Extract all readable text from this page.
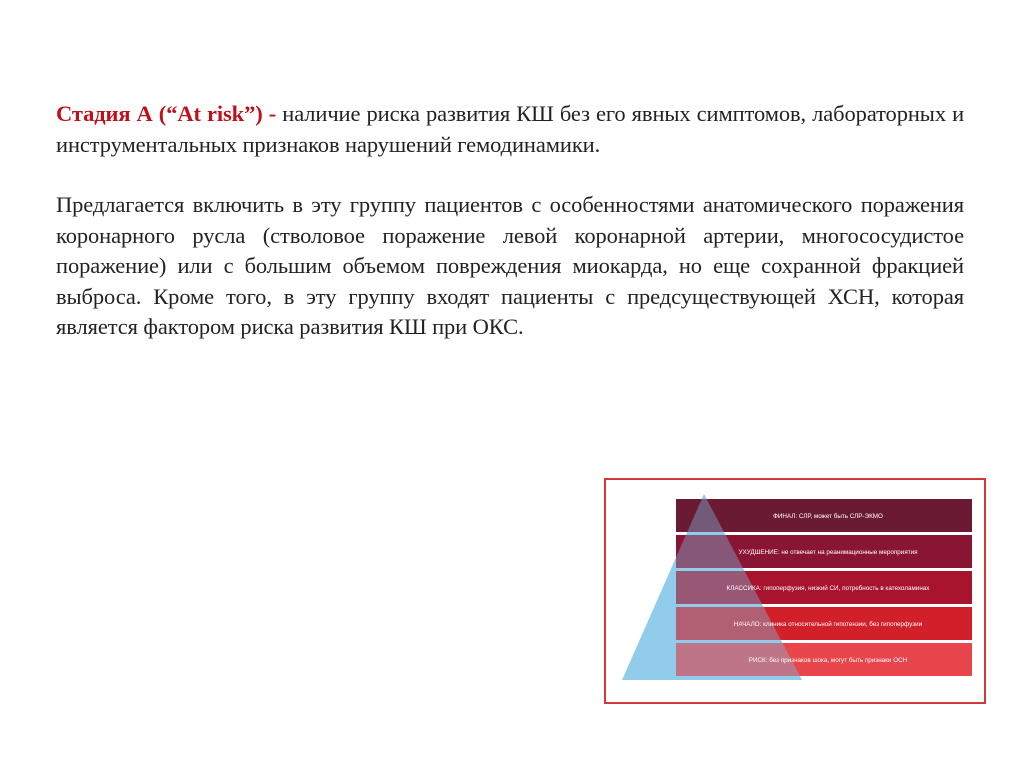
Стадия А (“At risk”) - наличие риска развития КШ без его явных симптомов, лабораторных и инструментальных признаков нарушений гемодинамики.

Предлагается включить в эту группу пациентов с особенностями анатомического поражения коронарного русла (стволовое поражение левой коронарной артерии, многососудистое поражение) или с большим объемом повреждения миокарда, но еще сохранной фракцией выброса. Кроме того, в эту группу входят пациенты с предсуществующей ХСН, которая является фактором риска развития КШ при ОКС.

ФИНАЛ: СЛР, может быть СЛР-ЭКМО
УХУДШЕНИЕ: не отвечает на реанимационные мероприятия
КЛАССИКА: гипоперфузия, низкий СИ, потребность в катехоламинах
НАЧАЛО: клиника относительной гипотензии, без гипоперфузии
РИСК: без признаков шока, могут быть признаки ОСН
